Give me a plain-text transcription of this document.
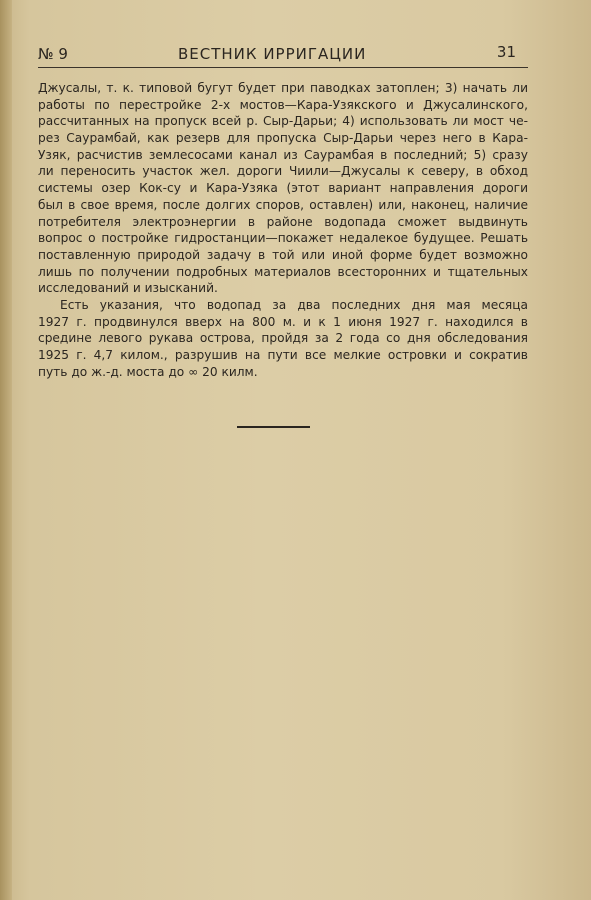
№ 9	ВЕСТНИК ИРРИГАЦИИ	31
Джусалы, т. к. типовой бугут будет при паводках затоплен; 3) начать ли
работы по перестройке 2-х мостов—Кара-Узякского и Джусалинского,
рассчитанных на пропуск всей р. Сыр-Дарьи; 4) использовать ли мост че-
рез Саурамбай, как резерв для пропуска Сыр-Дарьи через него в Кара-
Узяк, расчистив землесосами канал из Саурамбая в последний; 5) сразу
ли переносить участок жел. дороги Чиили—Джусалы к северу, в обход
системы озер Кок-су и Кара-Узяка (этот вариант направления дороги
был в свое время, после долгих споров, оставлен) или, наконец, наличие
потребителя электроэнергии в районе водопада сможет выдвинуть
вопрос о постройке гидростанции—покажет недалекое будущее. Решать
поставленную природой задачу в той или иной форме будет возможно
лишь по получении подробных материалов всесторонних и тщательных
исследований и изысканий.
Есть указания, что водопад за два последних дня мая месяца
1927 г. продвинулся вверх на 800 м. и к 1 июня 1927 г. находился в
средине левого рукава острова, пройдя за 2 года со дня обследования
1925 г. 4,7 килом., разрушив на пути все мелкие островки и сократив
путь до ж.-д. моста до ∞ 20 килм.
